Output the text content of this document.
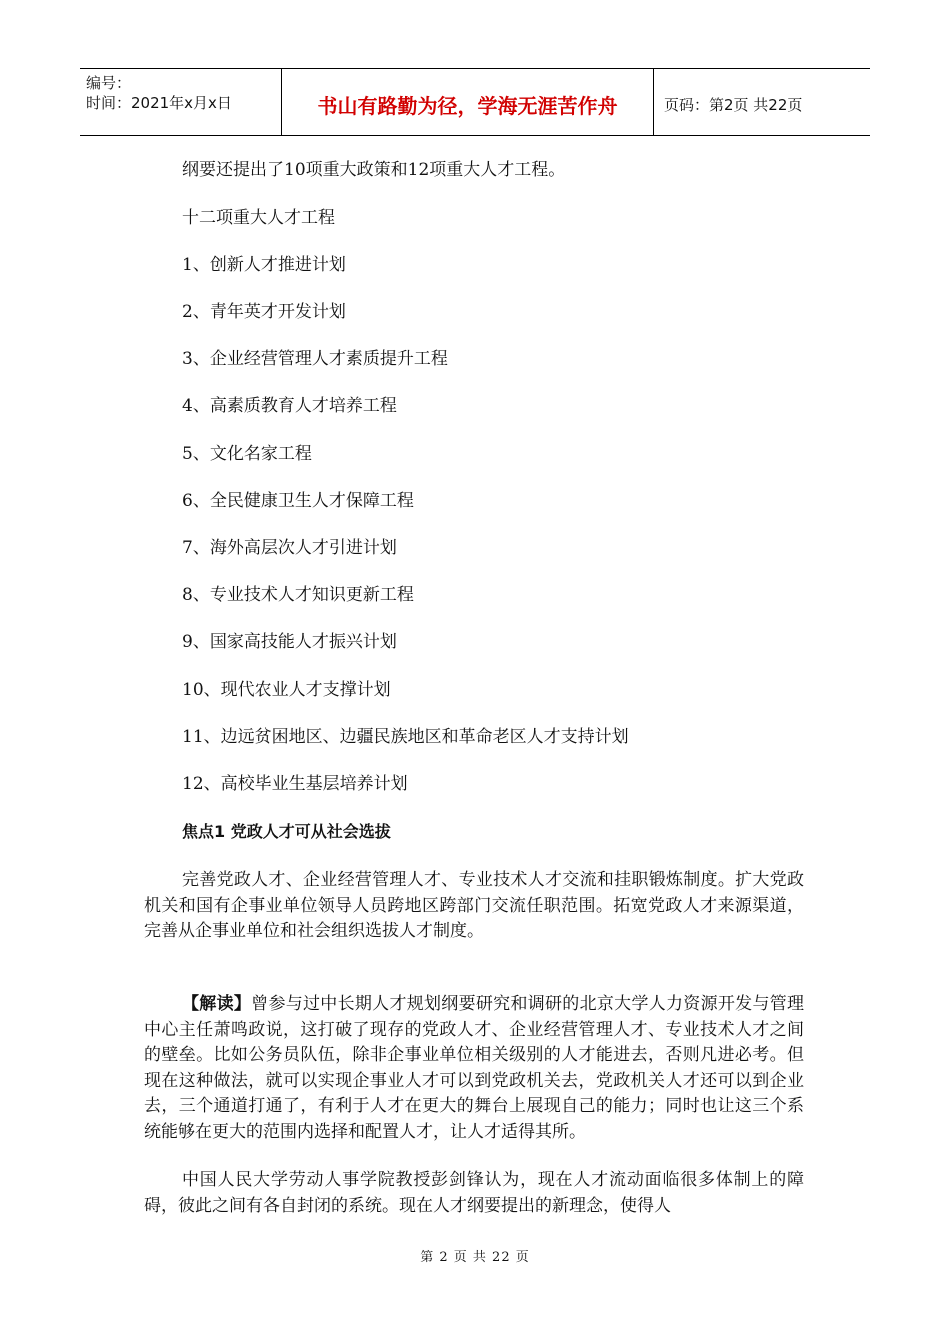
编号：
时间：2021年x月x日	书山有路勤为径，学海无涯苦作舟	页码：第2页 共22页
纲要还提出了10项重大政策和12项重大人才工程。
十二项重大人才工程
1、创新人才推进计划
2、青年英才开发计划
3、企业经营管理人才素质提升工程
4、高素质教育人才培养工程
5、文化名家工程
6、全民健康卫生人才保障工程
7、海外高层次人才引进计划
8、专业技术人才知识更新工程
9、国家高技能人才振兴计划
10、现代农业人才支撑计划
11、边远贫困地区、边疆民族地区和革命老区人才支持计划
12、高校毕业生基层培养计划
焦点1 党政人才可从社会选拔
完善党政人才、企业经营管理人才、专业技术人才交流和挂职锻炼制度。扩大党政机关和国有企事业单位领导人员跨地区跨部门交流任职范围。拓宽党政人才来源渠道，完善从企事业单位和社会组织选拔人才制度。
【解读】曾参与过中长期人才规划纲要研究和调研的北京大学人力资源开发与管理中心主任萧鸣政说，这打破了现存的党政人才、企业经营管理人才、专业技术人才之间的壁垒。比如公务员队伍，除非企事业单位相关级别的人才能进去，否则凡进必考。但现在这种做法，就可以实现企事业人才可以到党政机关去，党政机关人才还可以到企业去，三个通道打通了，有利于人才在更大的舞台上展现自己的能力；同时也让这三个系统能够在更大的范围内选择和配置人才，让人才适得其所。
中国人民大学劳动人事学院教授彭剑锋认为，现在人才流动面临很多体制上的障碍，彼此之间有各自封闭的系统。现在人才纲要提出的新理念，使得人
第 2 页 共 22 页
